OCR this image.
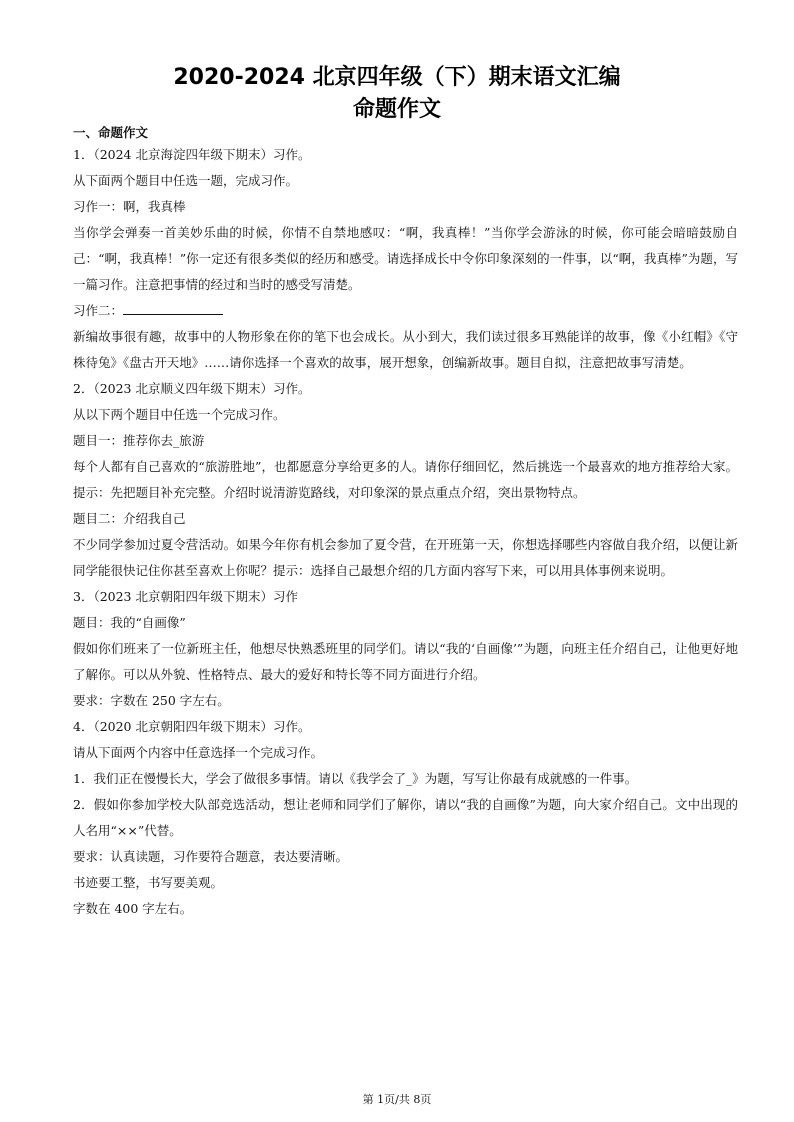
2020-2024 北京四年级（下）期末语文汇编
命题作文

一、命题作文

1．（2024 北京海淀四年级下期末）习作。

从下面两个题目中任选一题，完成习作。

习作一：啊，我真棒

当你学会弹奏一首美妙乐曲的时候，你情不自禁地感叹：“啊，我真棒！”当你学会游泳的时候，你可能会暗暗鼓励自己：“啊，我真棒！”你一定还有很多类似的经历和感受。请选择成长中令你印象深刻的一件事，以“啊，我真棒”为题，写一篇习作。注意把事情的经过和当时的感受写清楚。

习作二：

新编故事很有趣，故事中的人物形象在你的笔下也会成长。从小到大，我们读过很多耳熟能详的故事，像《小红帽》《守株待兔》《盘古开天地》……请你选择一个喜欢的故事，展开想象，创编新故事。题目自拟，注意把故事写清楚。

2．（2023 北京顺义四年级下期末）习作。

从以下两个题目中任选一个完成习作。

题目一：推荐你去_旅游

每个人都有自己喜欢的“旅游胜地”，也都愿意分享给更多的人。请你仔细回忆，然后挑选一个最喜欢的地方推荐给大家。提示：先把题目补充完整。介绍时说清游览路线，对印象深的景点重点介绍，突出景物特点。

题目二：介绍我自己

不少同学参加过夏令营活动。如果今年你有机会参加了夏令营，在开班第一天，你想选择哪些内容做自我介绍，以便让新同学能很快记住你甚至喜欢上你呢？提示：选择自己最想介绍的几方面内容写下来，可以用具体事例来说明。

3．（2023 北京朝阳四年级下期末）习作

题目：我的“自画像”

假如你们班来了一位新班主任，他想尽快熟悉班里的同学们。请以“我的‘自画像’”为题，向班主任介绍自己，让他更好地了解你。可以从外貌、性格特点、最大的爱好和特长等不同方面进行介绍。

要求：字数在 250 字左右。

4．（2020 北京朝阳四年级下期末）习作。

请从下面两个内容中任意选择一个完成习作。

1．我们正在慢慢长大，学会了做很多事情。请以《我学会了_》为题，写写让你最有成就感的一件事。

2．假如你参加学校大队部竞选活动，想让老师和同学们了解你，请以“我的自画像”为题，向大家介绍自己。文中出现的人名用“××”代替。

要求：认真读题，习作要符合题意，表达要清晰。

书迹要工整，书写要美观。

字数在 400 字左右。

第 1页/共 8页
